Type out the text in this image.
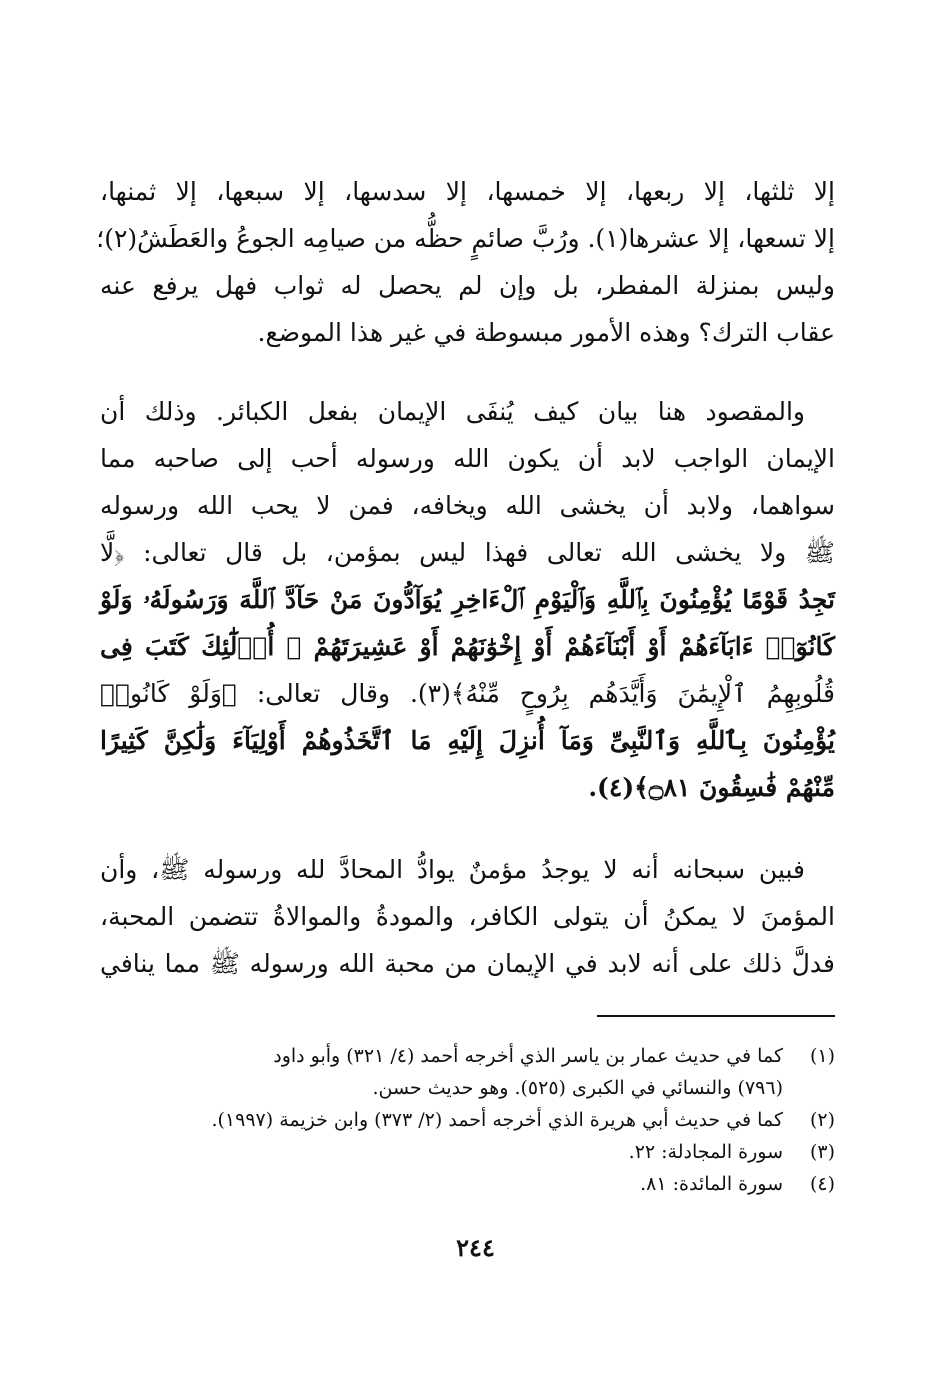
إلا ثلثها، إلا ربعها، إلا خمسها، إلا سدسها، إلا سبعها، إلا ثمنها،
إلا تسعها، إلا عشرها(١). ورُبَّ صائمٍ حظُّه من صيامِه الجوعُ والعَطَشُ(٢)؛
وليس بمنزلة المفطر، بل وإن لم يحصل له ثواب فهل يرفع عنه
عقاب الترك؟ وهذه الأمور مبسوطة في غير هذا الموضع.
والمقصود هنا بيان كيف يُنفَى الإيمان بفعل الكبائر. وذلك أن
الإيمان الواجب لابد أن يكون الله ورسوله أحب إلى صاحبه مما
سواهما، ولابد أن يخشى الله ويخافه، فمن لا يحب الله ورسوله
ﷺ ولا يخشى الله تعالى فهذا ليس بمؤمن، بل قال تعالى: ﴿لَّا
تَجِدُ قَوْمًا يُؤْمِنُونَ بِٱللَّهِ وَٱلْيَوْمِ ٱلْءَاخِرِ يُوَآدُّونَ مَنْ حَآدَّ ٱللَّهَ وَرَسُولَهُۥ وَلَوْ
كَانُوٓا۟ ءَابَآءَهُمْ أَوْ أَبْنَآءَهُمْ أَوْ إِخْوَٰنَهُمْ أَوْ عَشِيرَتَهُمْ ۚ أُو۟لَٰٓئِكَ كَتَبَ فِى
قُلُوبِهِمُ ٱلْإِيمَٰنَ وَأَيَّدَهُم بِرُوحٍ مِّنْهُ﴾(٣). وقال تعالى: ﴿وَلَوْ كَانُوا۟
يُؤْمِنُونَ بِٱللَّهِ وَٱلنَّبِىِّ وَمَآ أُنزِلَ إِلَيْهِ مَا ٱتَّخَذُوهُمْ أَوْلِيَآءَ وَلَٰكِنَّ كَثِيرًا
مِّنْهُمْ فَٰسِقُونَ ۝٨١﴾(٤).
فبين سبحانه أنه لا يوجدُ مؤمنٌ يوادُّ المحادَّ لله ورسوله ﷺ، وأن
المؤمنَ لا يمكنُ أن يتولى الكافر، والمودةُ والموالاةُ تتضمن المحبة،
فدلَّ ذلك على أنه لابد في الإيمان من محبة الله ورسوله ﷺ مما ينافي
(١)
كما في حديث عمار بن ياسر الذي أخرجه أحمد (٤/ ٣٢١) وأبو داود
(٧٩٦) والنسائي في الكبرى (٥٢٥). وهو حديث حسن.
(٢)
كما في حديث أبي هريرة الذي أخرجه أحمد (٢/ ٣٧٣) وابن خزيمة (١٩٩٧).
(٣)
سورة المجادلة: ٢٢.
(٤)
سورة المائدة: ٨١.
٢٤٤
